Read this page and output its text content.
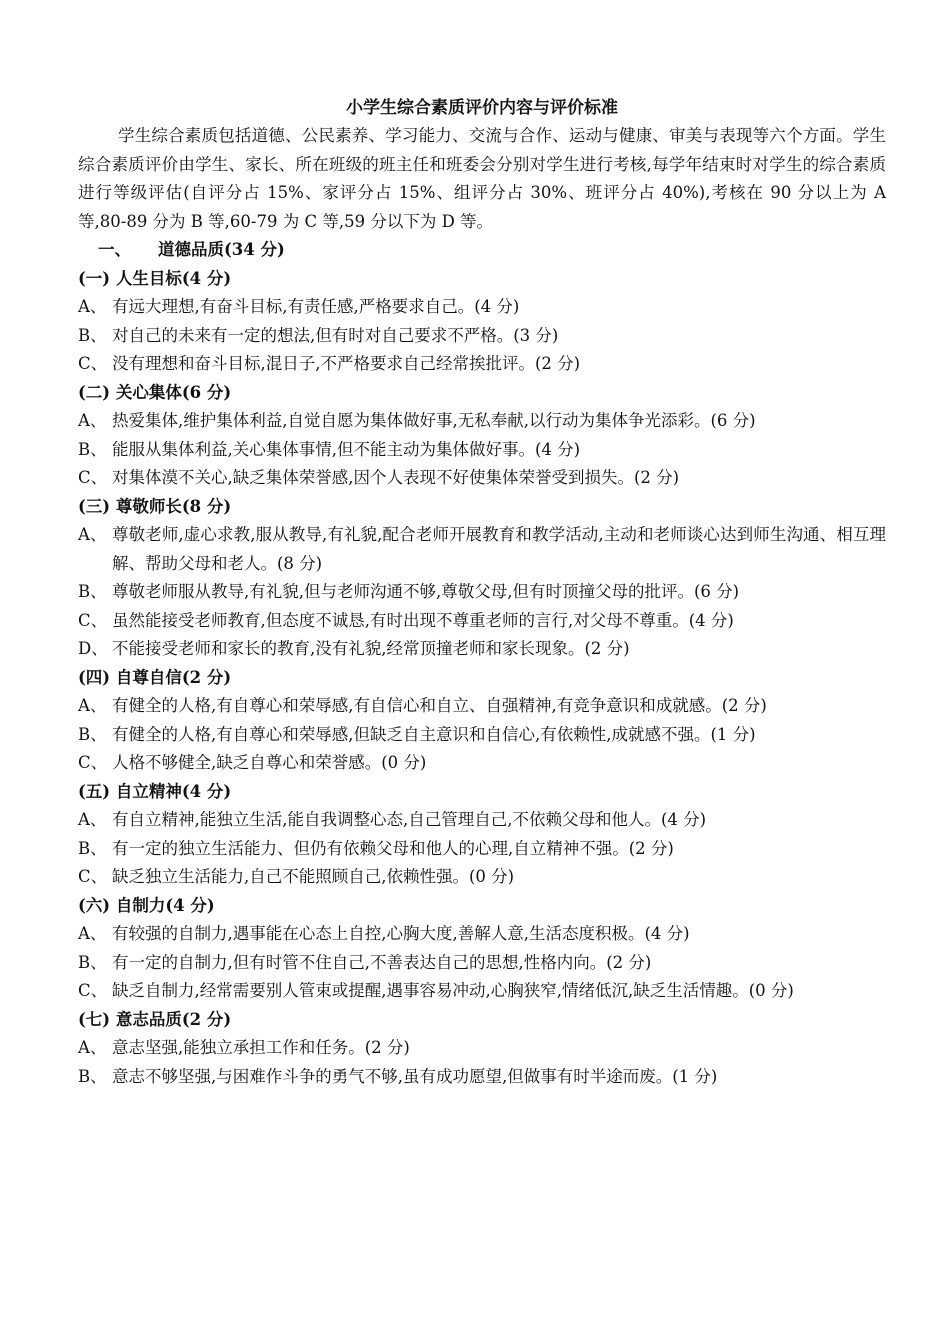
小学生综合素质评价内容与评价标准

学生综合素质包括道德、公民素养、学习能力、交流与合作、运动与健康、审美与表现等六个方面。学生综合素质评价由学生、家长、所在班级的班主任和班委会分别对学生进行考核,每学年结束时对学生的综合素质进行等级评估(自评分占 15%、家评分占 15%、组评分占 30%、班评分占 40%),考核在 90 分以上为 A 等,80-89 分为 B 等,60-79 为 C 等,59 分以下为 D 等。

一、 道德品质(34 分)
(一) 人生目标(4 分)
A、 有远大理想,有奋斗目标,有责任感,严格要求自己。(4 分)
B、 对自己的未来有一定的想法,但有时对自己要求不严格。(3 分)
C、 没有理想和奋斗目标,混日子,不严格要求自己经常挨批评。(2 分)
(二) 关心集体(6 分)
A、 热爱集体,维护集体利益,自觉自愿为集体做好事,无私奉献,以行动为集体争光添彩。(6 分)
B、 能服从集体利益,关心集体事情,但不能主动为集体做好事。(4 分)
C、 对集体漠不关心,缺乏集体荣誉感,因个人表现不好使集体荣誉受到损失。(2 分)
(三) 尊敬师长(8 分)
A、 尊敬老师,虚心求教,服从教导,有礼貌,配合老师开展教育和教学活动,主动和老师谈心达到师生沟通、相互理解、帮助父母和老人。(8 分)
B、 尊敬老师服从教导,有礼貌,但与老师沟通不够,尊敬父母,但有时顶撞父母的批评。(6 分)
C、 虽然能接受老师教育,但态度不诚恳,有时出现不尊重老师的言行,对父母不尊重。(4 分)
D、 不能接受老师和家长的教育,没有礼貌,经常顶撞老师和家长现象。(2 分)
(四) 自尊自信(2 分)
A、 有健全的人格,有自尊心和荣辱感,有自信心和自立、自强精神,有竞争意识和成就感。(2 分)
B、 有健全的人格,有自尊心和荣辱感,但缺乏自主意识和自信心,有依赖性,成就感不强。(1 分)
C、 人格不够健全,缺乏自尊心和荣誉感。(0 分)
(五) 自立精神(4 分)
A、 有自立精神,能独立生活,能自我调整心态,自己管理自己,不依赖父母和他人。(4 分)
B、 有一定的独立生活能力、但仍有依赖父母和他人的心理,自立精神不强。(2 分)
C、 缺乏独立生活能力,自己不能照顾自己,依赖性强。(0 分)
(六) 自制力(4 分)
A、 有较强的自制力,遇事能在心态上自控,心胸大度,善解人意,生活态度积极。(4 分)
B、 有一定的自制力,但有时管不住自己,不善表达自己的思想,性格内向。(2 分)
C、 缺乏自制力,经常需要别人管束或提醒,遇事容易冲动,心胸狭窄,情绪低沉,缺乏生活情趣。(0 分)
(七) 意志品质(2 分)
A、 意志坚强,能独立承担工作和任务。(2 分)
B、 意志不够坚强,与困难作斗争的勇气不够,虽有成功愿望,但做事有时半途而废。(1 分)
